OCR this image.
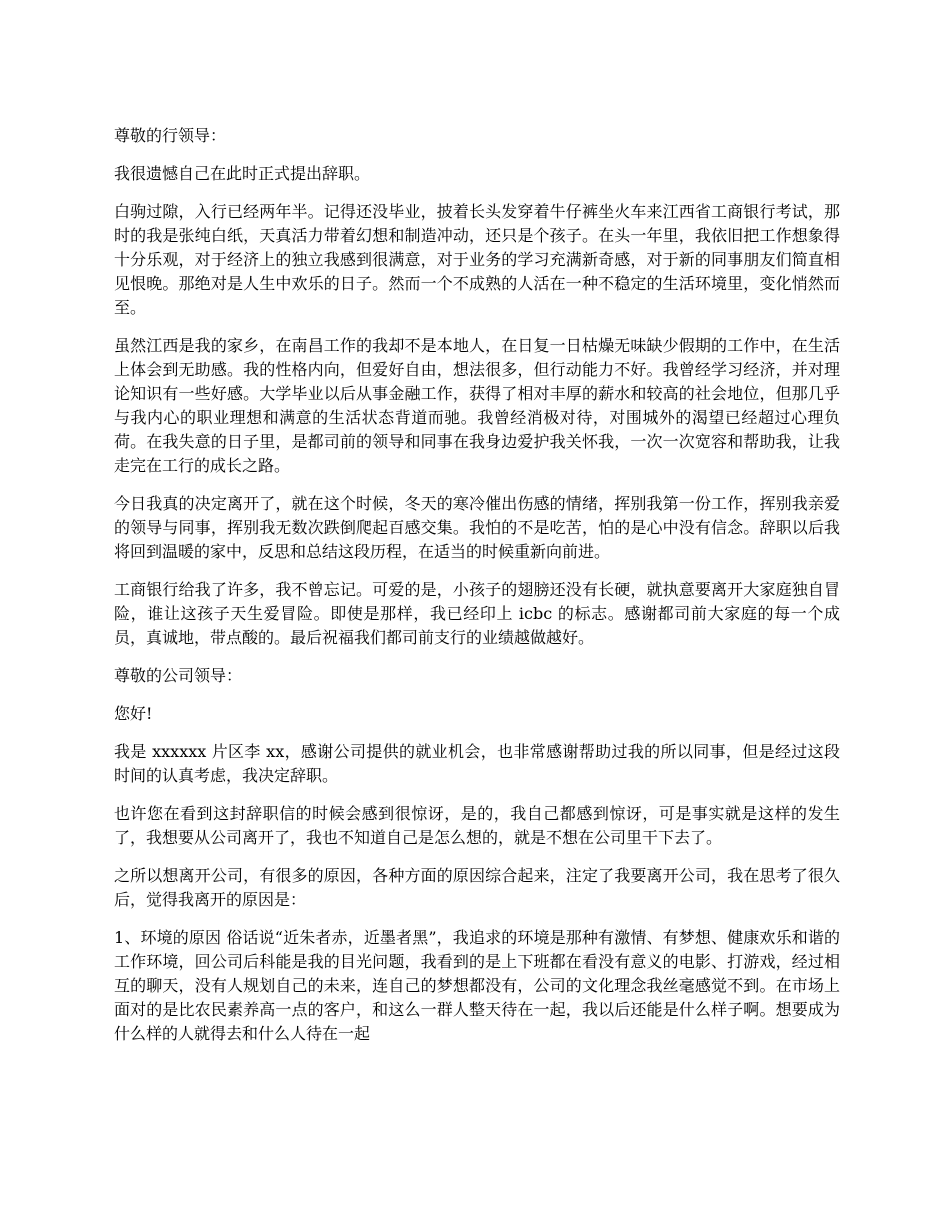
尊敬的行领导：

我很遗憾自己在此时正式提出辞职。

白驹过隙，入行已经两年半。记得还没毕业，披着长头发穿着牛仔裤坐火车来江西省工商银行考试，那时的我是张纯白纸，天真活力带着幻想和制造冲动，还只是个孩子。在头一年里，我依旧把工作想象得十分乐观，对于经济上的独立我感到很满意，对于业务的学习充满新奇感，对于新的同事朋友们简直相见恨晚。那绝对是人生中欢乐的日子。然而一个不成熟的人活在一种不稳定的生活环境里，变化悄然而至。

虽然江西是我的家乡，在南昌工作的我却不是本地人，在日复一日枯燥无味缺少假期的工作中，在生活上体会到无助感。我的性格内向，但爱好自由，想法很多，但行动能力不好。我曾经学习经济，并对理论知识有一些好感。大学毕业以后从事金融工作，获得了相对丰厚的薪水和较高的社会地位，但那几乎与我内心的职业理想和满意的生活状态背道而驰。我曾经消极对待，对围城外的渴望已经超过心理负荷。在我失意的日子里，是都司前的领导和同事在我身边爱护我关怀我，一次一次宽容和帮助我，让我走完在工行的成长之路。

今日我真的决定离开了，就在这个时候，冬天的寒冷催出伤感的情绪，挥别我第一份工作，挥别我亲爱的领导与同事，挥别我无数次跌倒爬起百感交集。我怕的不是吃苦，怕的是心中没有信念。辞职以后我将回到温暖的家中，反思和总结这段历程，在适当的时候重新向前进。

工商银行给我了许多，我不曾忘记。可爱的是，小孩子的翅膀还没有长硬，就执意要离开大家庭独自冒险，谁让这孩子天生爱冒险。即使是那样，我已经印上 icbc 的标志。感谢都司前大家庭的每一个成员，真诚地，带点酸的。最后祝福我们都司前支行的业绩越做越好。

尊敬的公司领导：

您好!

我是 xxxxxx 片区李 xx，感谢公司提供的就业机会，也非常感谢帮助过我的所以同事，但是经过这段时间的认真考虑，我决定辞职。

也许您在看到这封辞职信的时候会感到很惊讶，是的，我自己都感到惊讶，可是事实就是这样的发生了，我想要从公司离开了，我也不知道自己是怎么想的，就是不想在公司里干下去了。

之所以想离开公司，有很多的原因，各种方面的原因综合起来，注定了我要离开公司，我在思考了很久后，觉得我离开的原因是：

1、环境的原因 俗话说“近朱者赤，近墨者黑”，我追求的环境是那种有激情、有梦想、健康欢乐和谐的工作环境，回公司后科能是我的目光问题，我看到的是上下班都在看没有意义的电影、打游戏，经过相互的聊天，没有人规划自己的未来，连自己的梦想都没有，公司的文化理念我丝毫感觉不到。在市场上面对的是比农民素养高一点的客户，和这么一群人整天待在一起，我以后还能是什么样子啊。想要成为什么样的人就得去和什么人待在一起
